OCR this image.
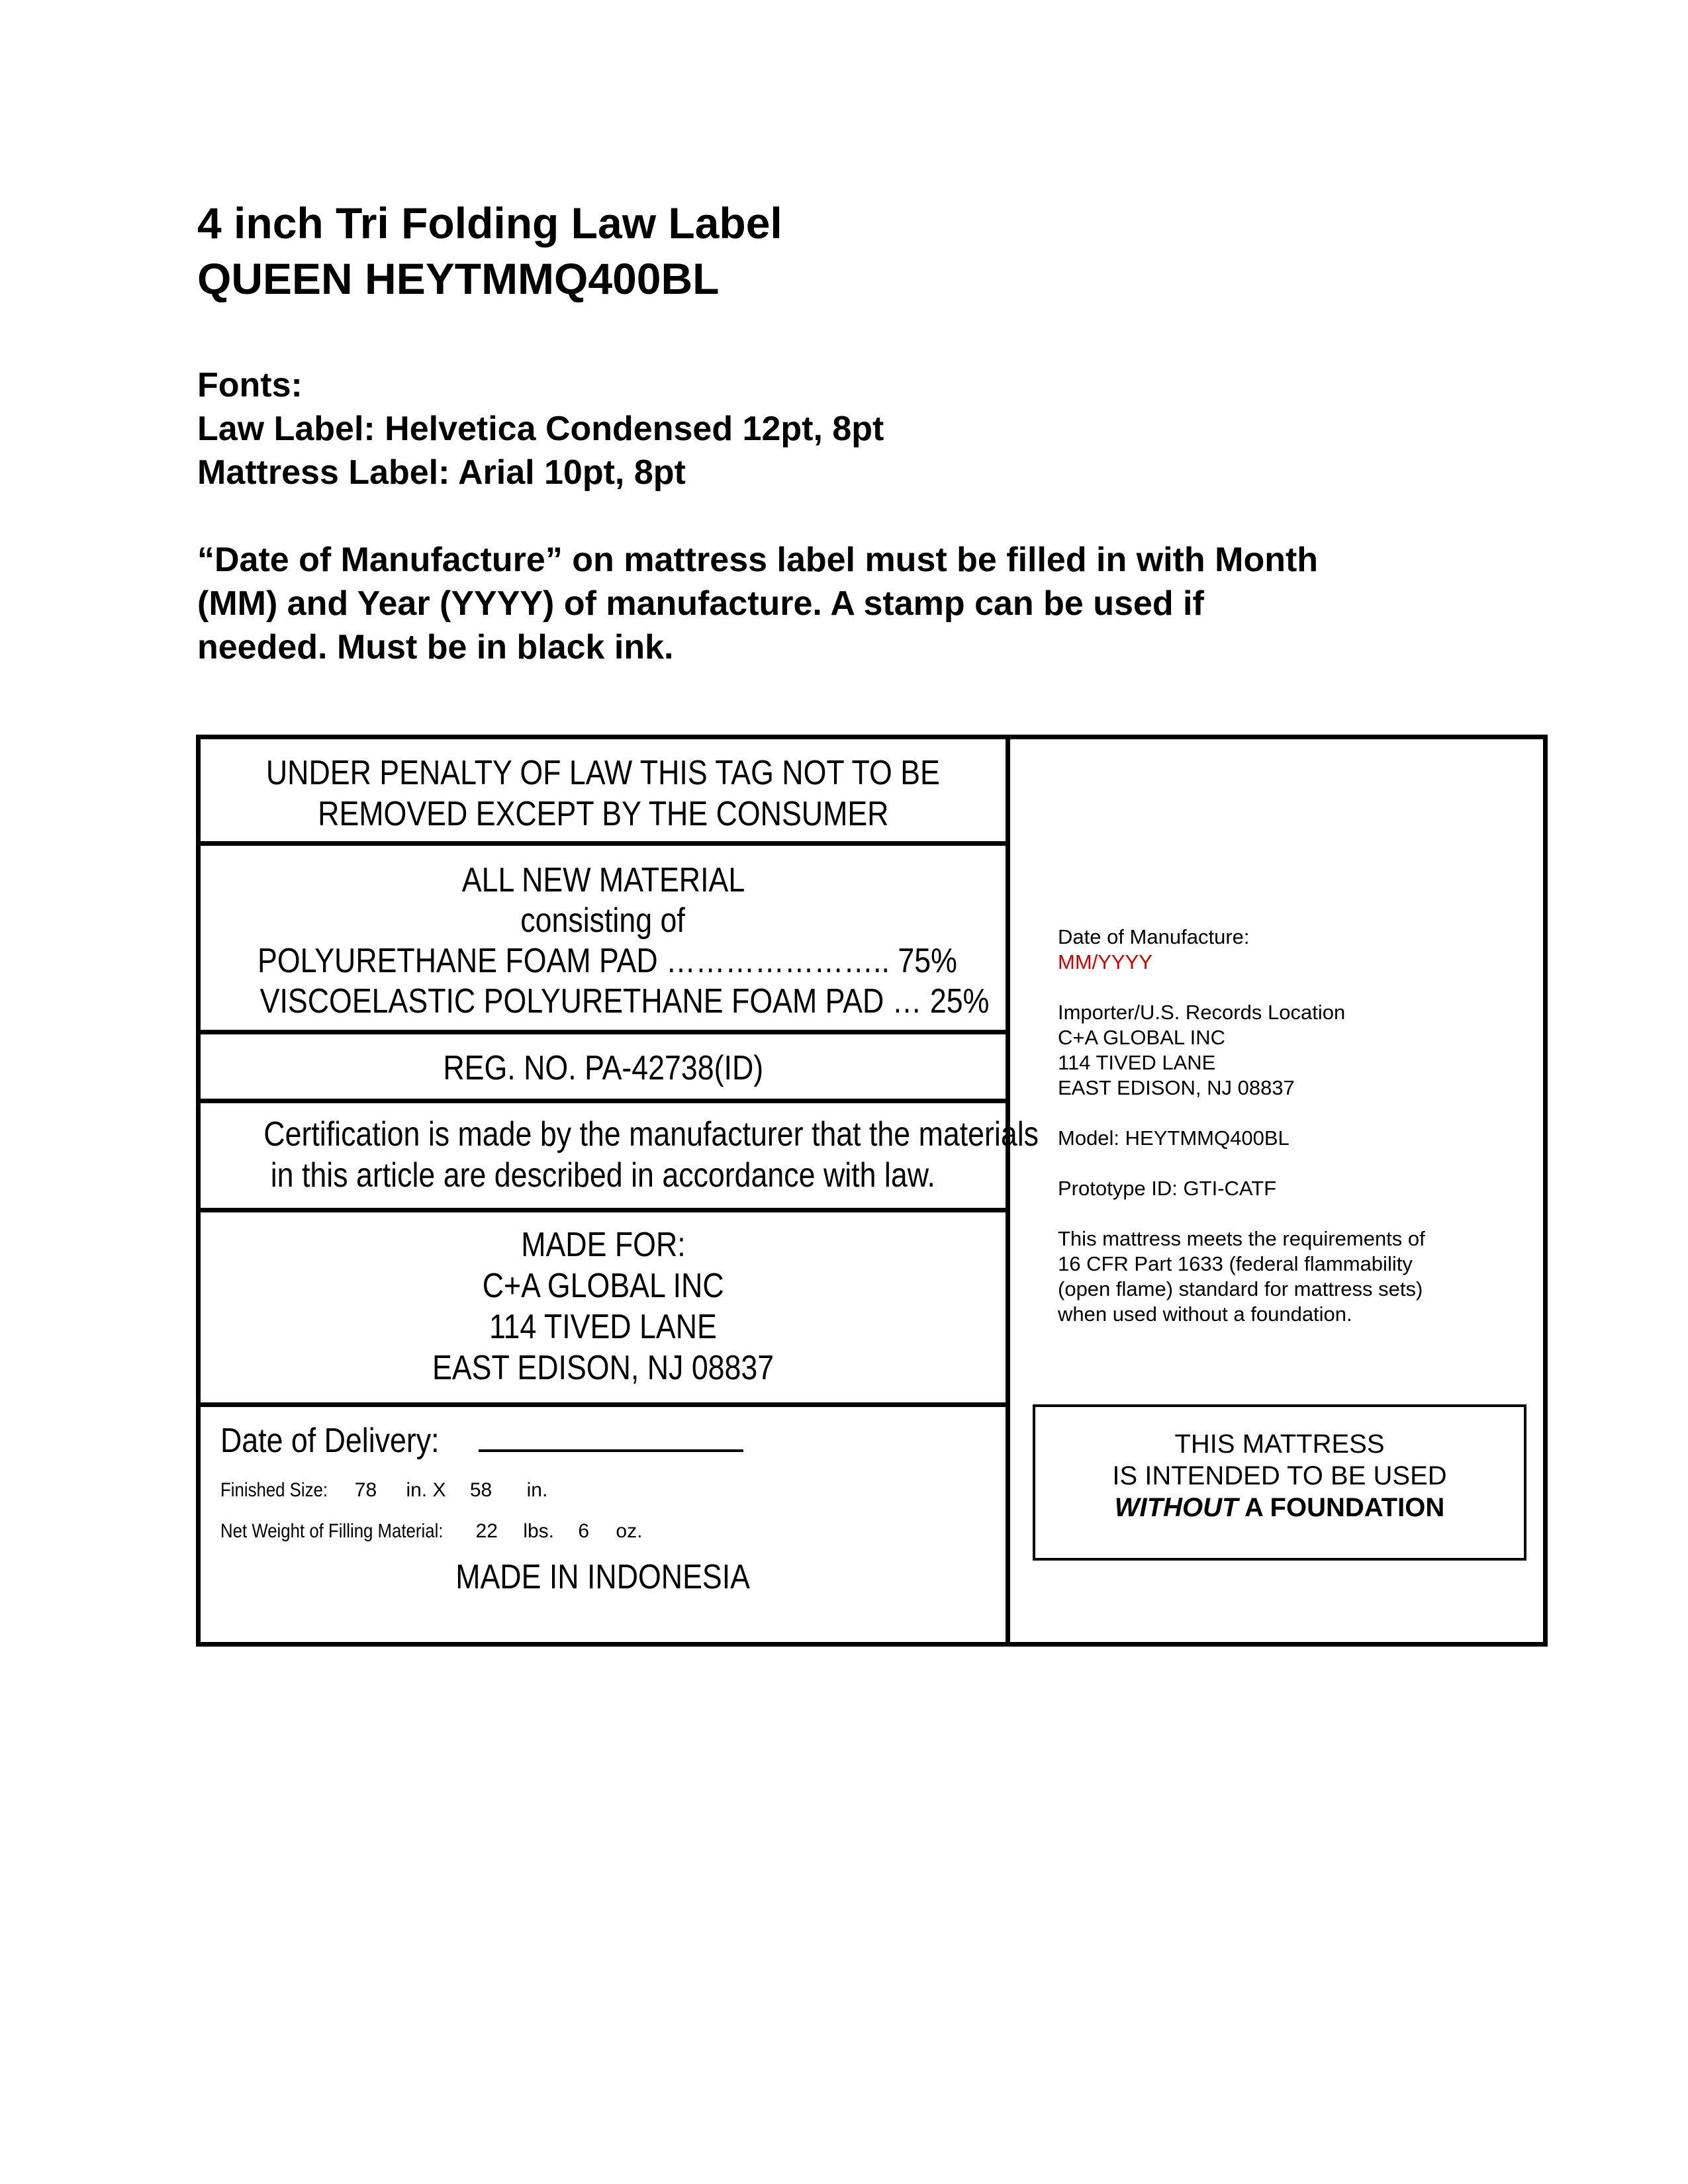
4 inch Tri Folding Law Label
QUEEN HEYTMMQ400BL
Fonts:
Law Label: Helvetica Condensed 12pt, 8pt
Mattress Label: Arial 10pt, 8pt
“Date of Manufacture” on mattress label must be filled in with Month
(MM) and Year (YYYY) of manufacture. A stamp can be used if
needed. Must be in black ink.
UNDER PENALTY OF LAW THIS TAG NOT TO BE
REMOVED EXCEPT BY THE CONSUMER
ALL NEW MATERIAL
consisting of
POLYURETHANE FOAM PAD ………………….. 75%
VISCOELASTIC POLYURETHANE FOAM PAD … 25%
REG. NO. PA-42738(ID)
Certification is made by the manufacturer that the materials
in this article are described in accordance with law.
MADE FOR:
C+A GLOBAL INC
114 TIVED LANE
EAST EDISON, NJ 08837
Date of Delivery:
Finished Size: 78 in. X 58 in.
Net Weight of Filling Material: 22 lbs. 6 oz.
MADE IN INDONESIA
Date of Manufacture:
MM/YYYY
Importer/U.S. Records Location
C+A GLOBAL INC
114 TIVED LANE
EAST EDISON, NJ 08837
Model: HEYTMMQ400BL
Prototype ID: GTI-CATF
This mattress meets the requirements of
16 CFR Part 1633 (federal flammability
(open flame) standard for mattress sets)
when used without a foundation.
THIS MATTRESS
IS INTENDED TO BE USED
WITHOUT A FOUNDATION
